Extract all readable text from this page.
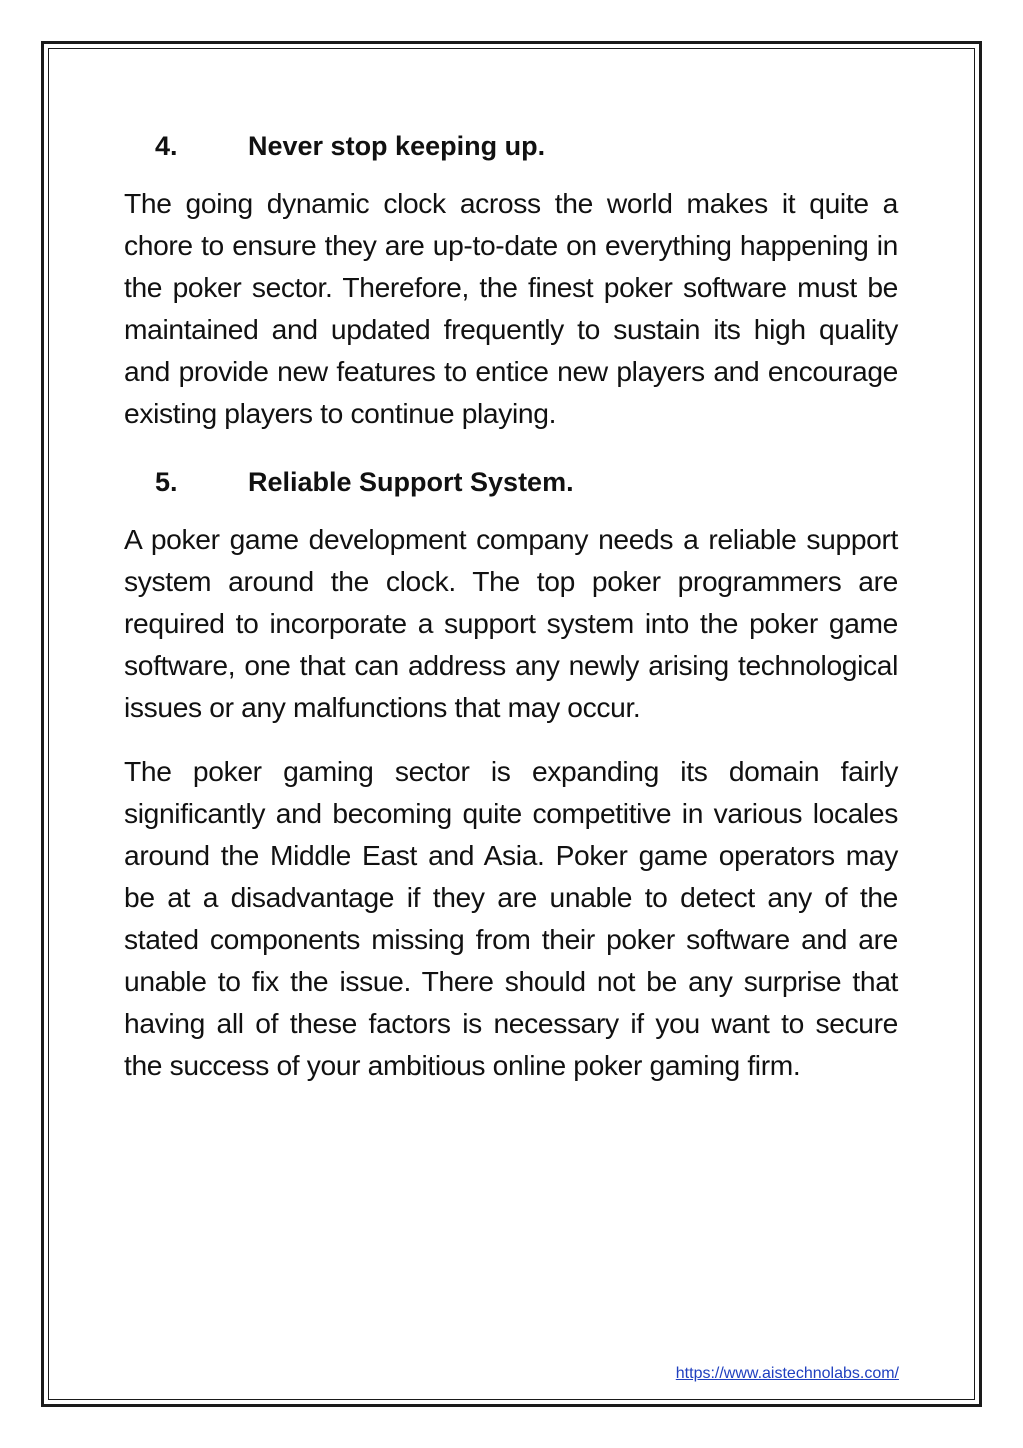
4.	Never stop keeping up.

The going dynamic clock across the world makes it quite a chore to ensure they are up-to-date on everything happening in the poker sector. Therefore, the finest poker software must be maintained and updated frequently to sustain its high quality and provide new features to entice new players and encourage existing players to continue playing.

5.	Reliable Support System.

A poker game development company needs a reliable support system around the clock. The top poker programmers are required to incorporate a support system into the poker game software, one that can address any newly arising technological issues or any malfunctions that may occur.

The poker gaming sector is expanding its domain fairly significantly and becoming quite competitive in various locales around the Middle East and Asia. Poker game operators may be at a disadvantage if they are unable to detect any of the stated components missing from their poker software and are unable to fix the issue. There should not be any surprise that having all of these factors is necessary if you want to secure the success of your ambitious online poker gaming firm.

https://www.aistechnolabs.com/
